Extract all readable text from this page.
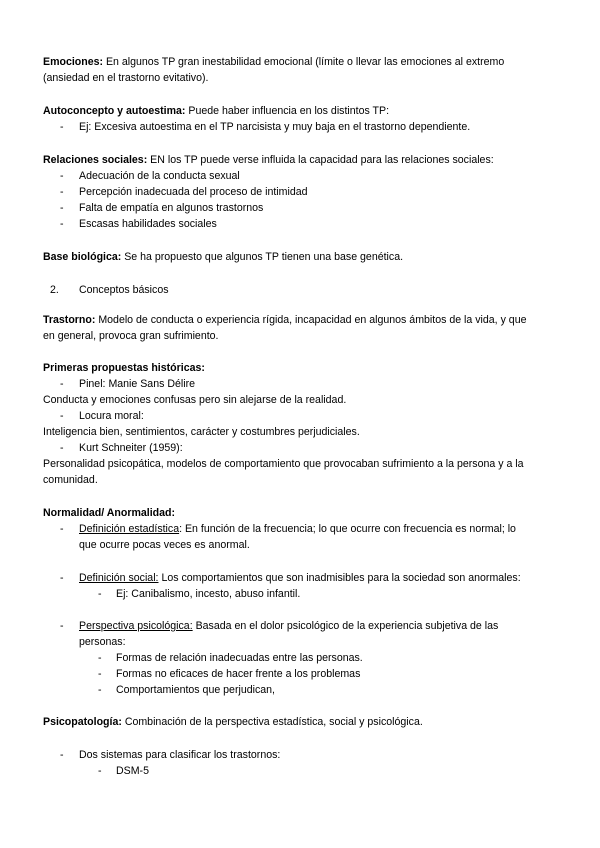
Emociones: En algunos TP gran inestabilidad emocional (límite o llevar las emociones al extremo
(ansiedad en el trastorno evitativo).
Autoconcepto y autoestima: Puede haber influencia en los distintos TP:
- Ej: Excesiva autoestima en el TP narcisista y muy baja en el trastorno dependiente.
Relaciones sociales: EN los TP puede verse influida la capacidad para las relaciones sociales:
- Adecuación de la conducta sexual
- Percepción inadecuada del proceso de intimidad
- Falta de empatía en algunos trastornos
- Escasas habilidades sociales
Base biológica: Se ha propuesto que algunos TP tienen una base genética.
2. Conceptos básicos
Trastorno: Modelo de conducta o experiencia rígida, incapacidad en algunos ámbitos de la vida, y que
en general, provoca gran sufrimiento.
Primeras propuestas históricas:
- Pinel: Manie Sans Délire
Conducta y emociones confusas pero sin alejarse de la realidad.
- Locura moral:
Inteligencia bien, sentimientos, carácter y costumbres perjudiciales.
- Kurt Schneiter (1959):
Personalidad psicopática, modelos de comportamiento que provocaban sufrimiento a la persona y a la
comunidad.
Normalidad/ Anormalidad:
- Definición estadística: En función de la frecuencia; lo que ocurre con frecuencia es normal; lo
que ocurre pocas veces es anormal.
- Definición social: Los comportamientos que son inadmisibles para la sociedad son anormales:
- Ej: Canibalismo, incesto, abuso infantil.
- Perspectiva psicológica: Basada en el dolor psicológico de la experiencia subjetiva de las
personas:
- Formas de relación inadecuadas entre las personas.
- Formas no eficaces de hacer frente a los problemas
- Comportamientos que perjudican,
Psicopatología: Combinación de la perspectiva estadística, social y psicológica.
- Dos sistemas para clasificar los trastornos:
- DSM-5
